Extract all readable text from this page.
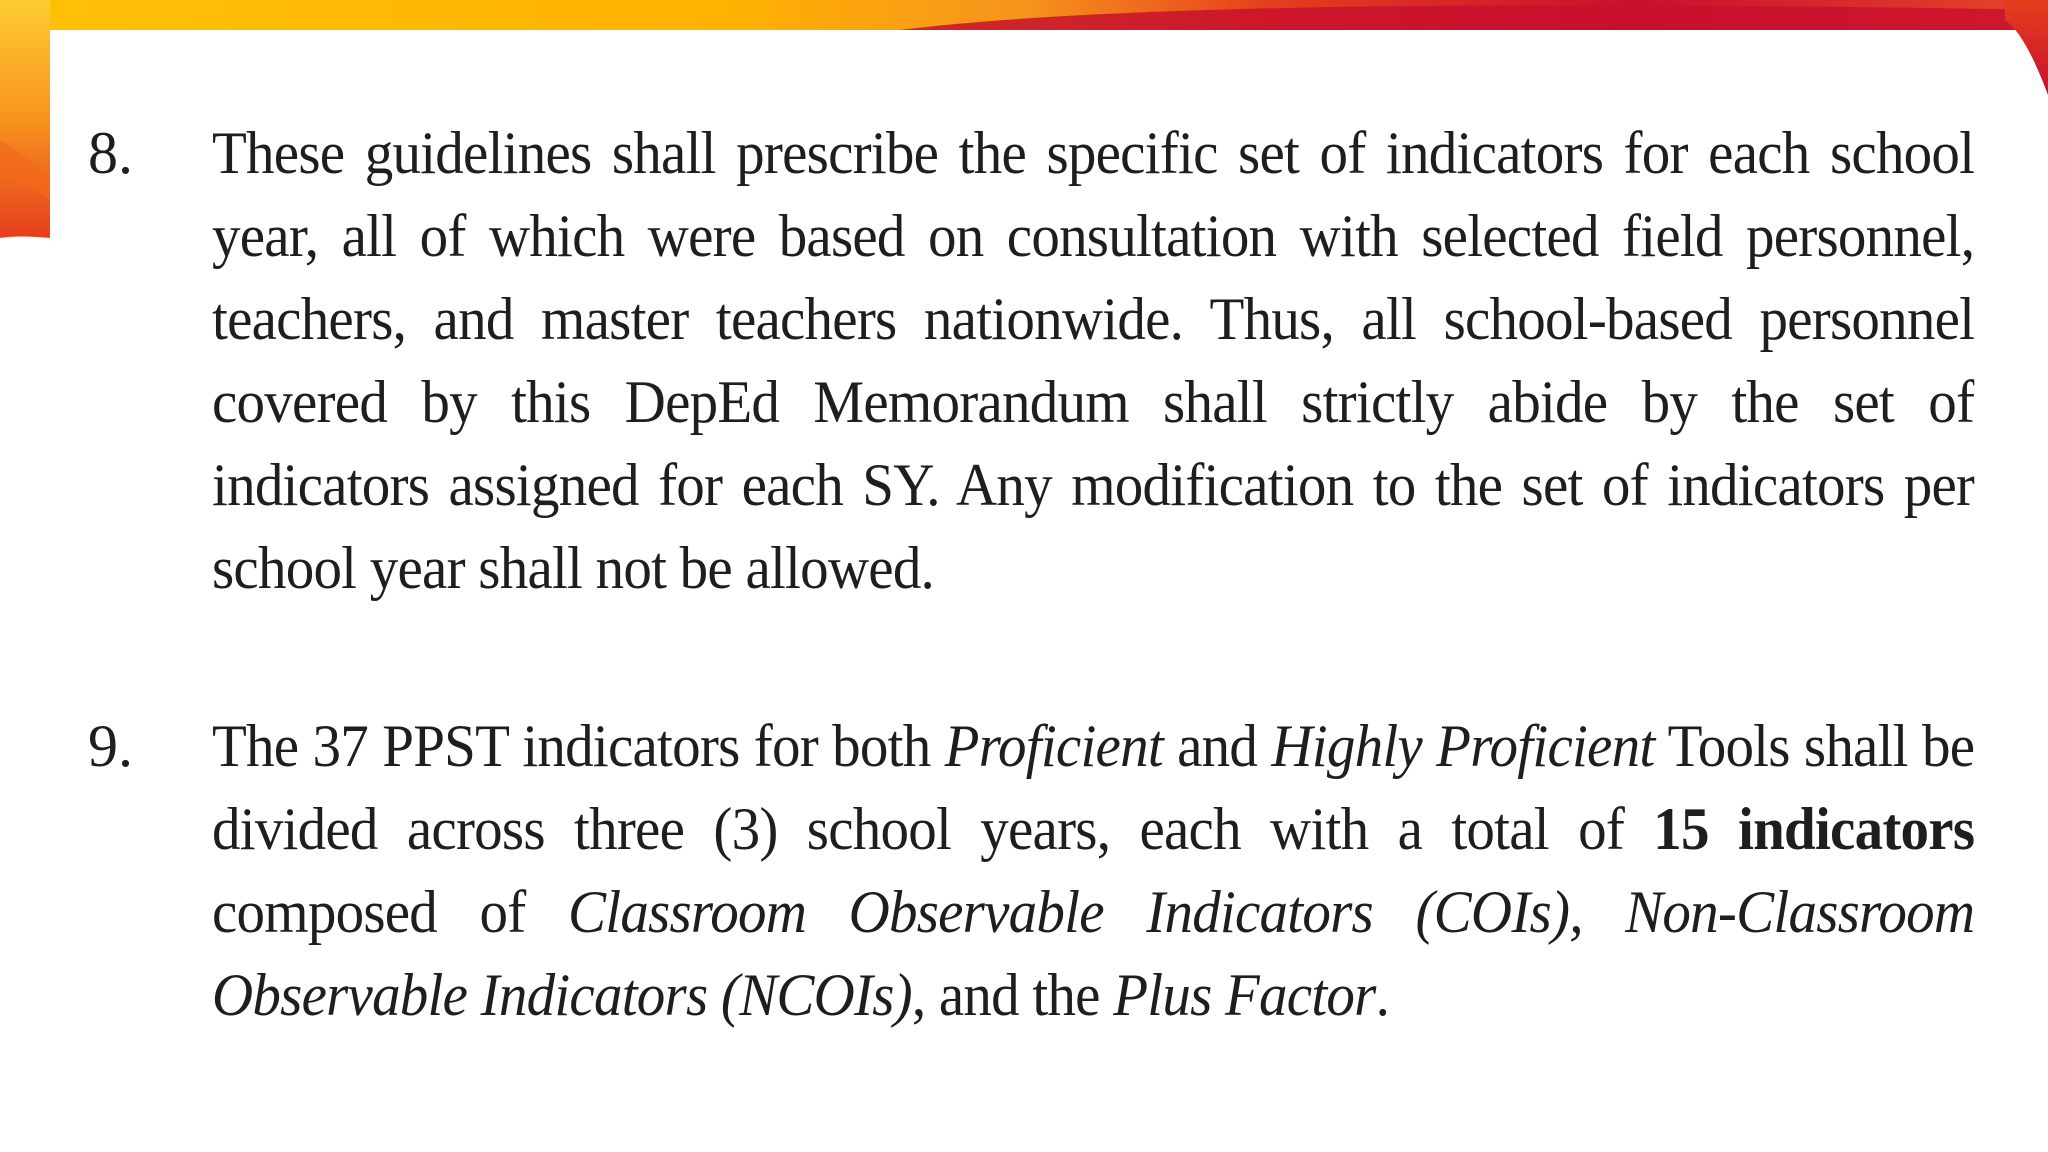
8. These guidelines shall prescribe the specific set of indicators for each school
year, all of which were based on consultation with selected field personnel,
teachers, and master teachers nationwide. Thus, all school-based personnel
covered by this DepEd Memorandum shall strictly abide by the set of
indicators assigned for each SY. Any modification to the set of indicators per
school year shall not be allowed.
9. The 37 PPST indicators for both Proficient and Highly Proficient Tools shall be
divided across three (3) school years, each with a total of 15 indicators
composed of Classroom Observable Indicators (COIs), Non-Classroom
Observable Indicators (NCOIs), and the Plus Factor.
